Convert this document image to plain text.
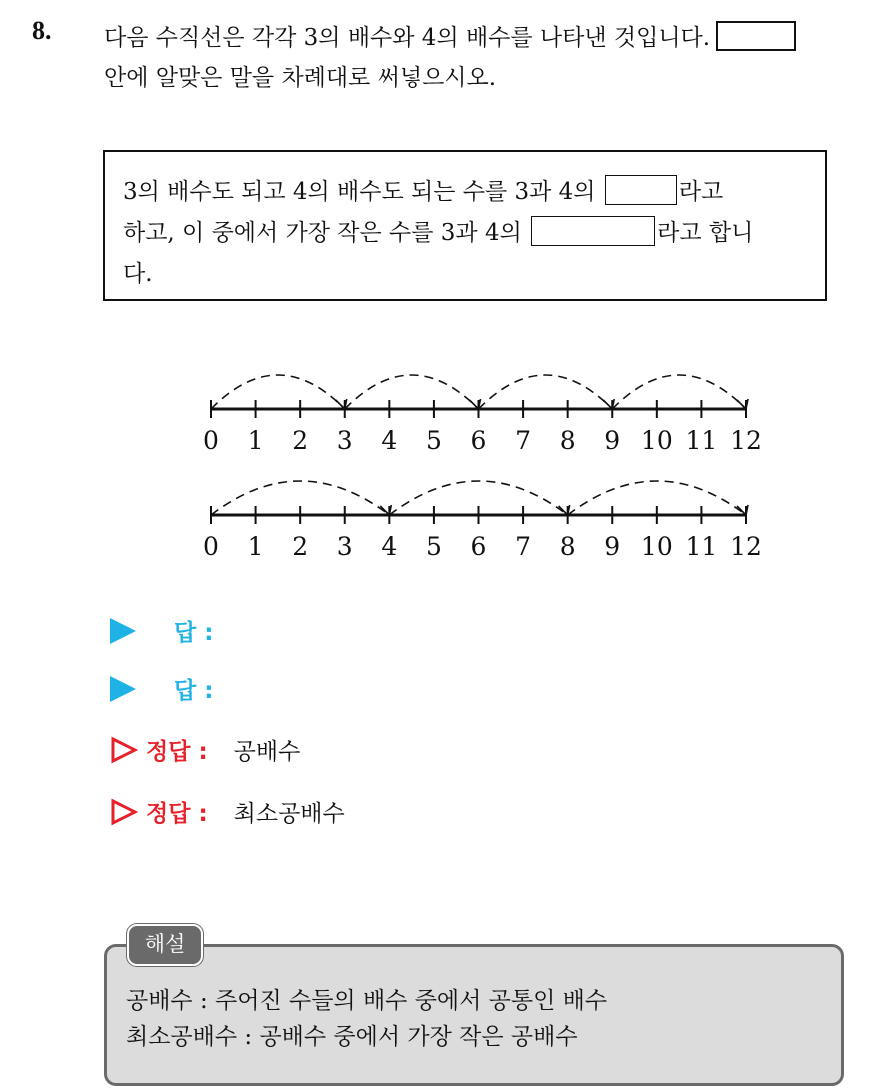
8. 다음 수직선은 각각 3의 배수와 4의 배수를 나타낸 것입니다.
안에 알맞은 말을 차례대로 써넣으시오.
3의 배수도 되고 4의 배수도 되는 수를 3과 4의	라고
하고, 이 중에서 가장 작은 수를 3과 4의	라고 합니
다.
0 1 2 3 4 5 6 7 8 9 10 11 12
0 1 2 3 4 5 6 7 8 9 10 11 12
답 :
답 :
정답 : 공배수
정답 : 최소공배수
해설
공배수 : 주어진 수들의 배수 중에서 공통인 배수
최소공배수 : 공배수 중에서 가장 작은 공배수
